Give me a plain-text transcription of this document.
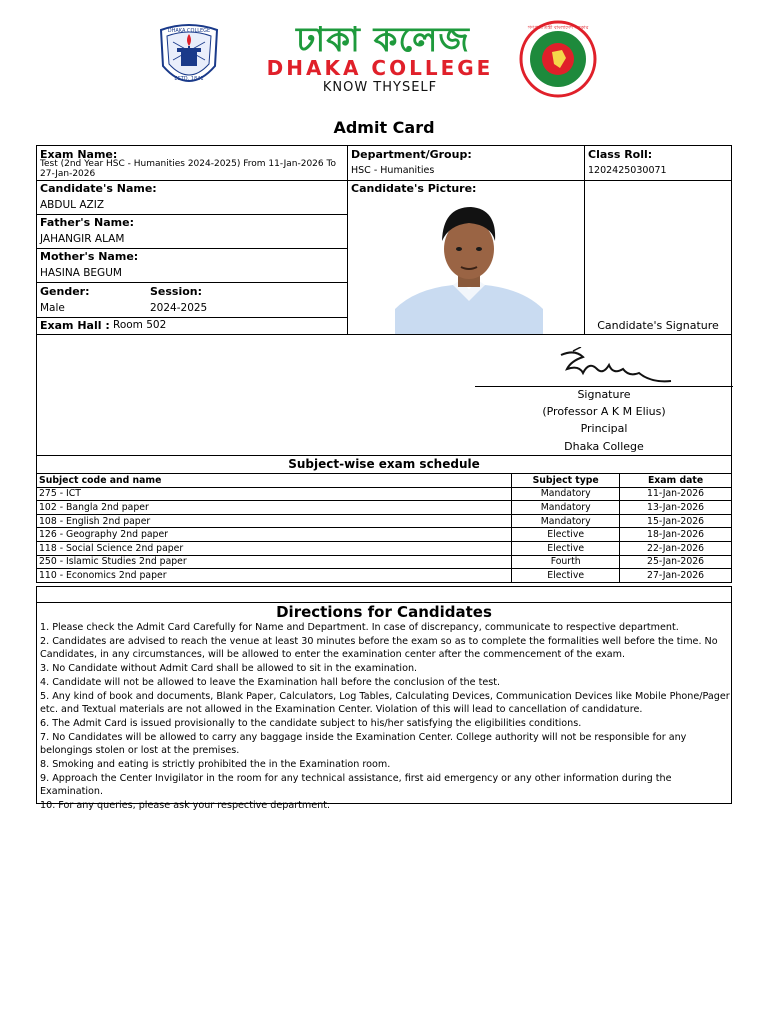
DHAKA COLLEGE
ESTD. 1841
ঢাকা কলেজ
DHAKA COLLEGE
KNOW THYSELF
গণপ্রজাতন্ত্রী বাংলাদেশ সরকার
Admit Card
Exam Name:
Test (2nd Year HSC - Humanities 2024-2025) From 11-Jan-2026 To 27-Jan-2026
Department/Group:
HSC - Humanities
Class Roll:
1202425030071
Candidate's Name:
ABDUL AZIZ
Father's Name:
JAHANGIR ALAM
Mother's Name:
HASINA BEGUM
Gender:
Male
Session:
2024-2025
Exam Hall : Room 502
Candidate's Picture:
Candidate's Signature
Signature
(Professor A K M Elius)
Principal
Dhaka College
Subject-wise exam schedule
Subject code and name	Subject type	Exam date
275 - ICT	Mandatory	11-Jan-2026
102 - Bangla 2nd paper	Mandatory	13-Jan-2026
108 - English 2nd paper	Mandatory	15-Jan-2026
126 - Geography 2nd paper	Elective	18-Jan-2026
118 - Social Science 2nd paper	Elective	22-Jan-2026
250 - Islamic Studies 2nd paper	Fourth	25-Jan-2026
110 - Economics 2nd paper	Elective	27-Jan-2026
Directions for Candidates
1. Please check the Admit Card Carefully for Name and Department. In case of discrepancy, communicate to respective department.
2. Candidates are advised to reach the venue at least 30 minutes before the exam so as to complete the formalities well before the time. No Candidates, in any circumstances, will be allowed to enter the examination center after the commencement of the exam.
3. No Candidate without Admit Card shall be allowed to sit in the examination.
4. Candidate will not be allowed to leave the Examination hall before the conclusion of the test.
5. Any kind of book and documents, Blank Paper, Calculators, Log Tables, Calculating Devices, Communication Devices like Mobile Phone/Pager etc. and Textual materials are not allowed in the Examination Center. Violation of this will lead to cancellation of candidature.
6. The Admit Card is issued provisionally to the candidate subject to his/her satisfying the eligibilities conditions.
7. No Candidates will be allowed to carry any baggage inside the Examination Center. College authority will not be responsible for any belongings stolen or lost at the premises.
8. Smoking and eating is strictly prohibited the in the Examination room.
9. Approach the Center Invigilator in the room for any technical assistance, first aid emergency or any other information during the Examination.
10. For any queries, please ask your respective department.
